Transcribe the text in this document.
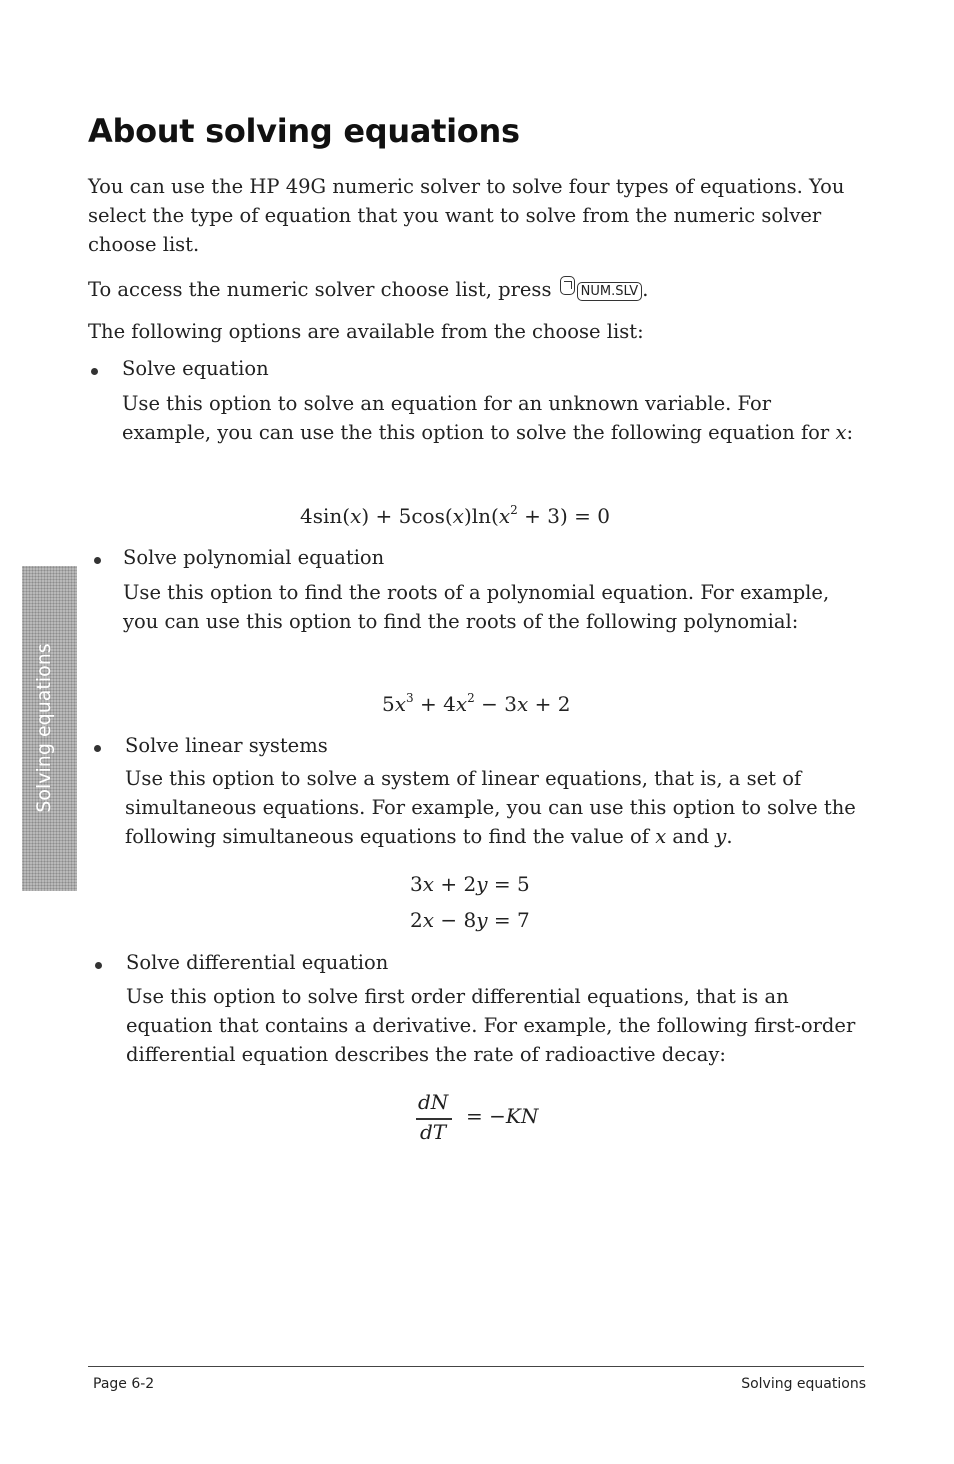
Solving equations
About solving equations

You can use the HP 49G numeric solver to solve four types of equations. You select the type of equation that you want to solve from the numeric solver choose list.

To access the numeric solver choose list, press NUM.SLV .

The following options are available from the choose list:

Solve equation

Use this option to solve an equation for an unknown variable. For example, you can use the this option to solve the following equation for x:

$4\sin(x) + 5\cos(x)\ln(x^2 + 3) = 0$
Solve polynomial equation

Use this option to find the roots of a polynomial equation. For example, you can use this option to find the roots of the following polynomial:

$5x^3 + 4x^2 - 3x + 2$
Solve linear systems

Use this option to solve a system of linear equations, that is, a set of simultaneous equations. For example, you can use this option to solve the following simultaneous equations to find the value of x and y.

3x + 2y = 5
2x − 8y = 7
Solve differential equation

Use this option to solve first order differential equations, that is an equation that contains a derivative. For example, the following first-order differential equation describes the rate of radioactive decay:

dN
dT
= −KN
Page 6-2	Solving equations
